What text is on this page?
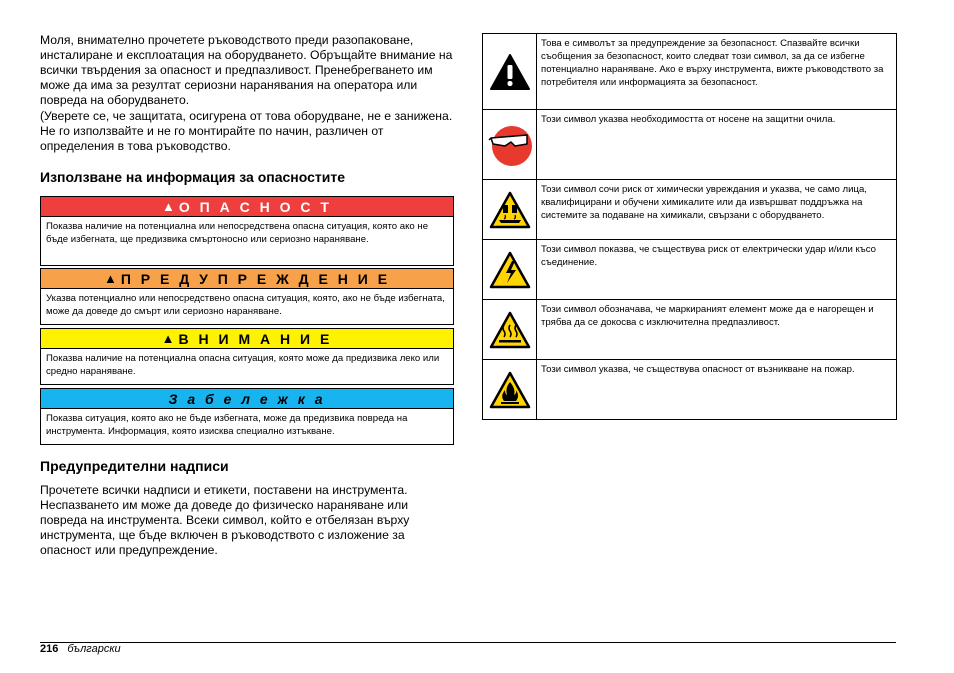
Моля, внимателно прочетете ръководството преди разопаковане, инсталиране и експлоатация на оборудването. Обръщайте внимание на всички твърдения за опасност и предпазливост. Пренебрегването им може да има за резултат сериозни наранявания на оператора или повреда на оборудването.

(Уверете се, че защитата, осигурена от това оборудване, не е занижена. Не го използвайте и не го монтирайте по начин, различен от определения в това ръководство.

Използване на информация за опасностите
▲ О П А С Н О С Т
Показва наличие на потенциална или непосредствена опасна ситуация, която ако не бъде избегната, ще предизвика смъртоносно или сериозно нараняване.
▲ П Р Е Д У П Р Е Ж Д Е Н И Е
Указва потенциално или непосредствено опасна ситуация, която, ако не бъде избегната, може да доведе до смърт или сериозно нараняване.
▲ В Н И М А Н И Е
Показва наличие на потенциална опасна ситуация, която може да предизвика леко или средно нараняване.
З а б е л е ж к а
Показва ситуация, която ако не бъде избегната, може да предизвика повреда на инструмента. Информация, която изисква специално изтъкване.
Предупредителни надписи

Прочетете всички надписи и етикети, поставени на инструмента. Неспазването им може да доведе до физическо нараняване или повреда на инструмента. Всеки символ, който е отбелязан върху инструмента, ще бъде включен в ръководството с изложение за опасност или предупреждение.

	Това е символът за предупреждение за безопасност. Спазвайте всички съобщения за безопасност, които следват този символ, за да се избегне потенциално нараняване. Ако е върху инструмента, вижте ръководството за потребителя или информацията за безопасност.

	Този символ указва необходимостта от носене на защитни очила.

	Този символ сочи риск от химически увреждания и указва, че само лица, квалифицирани и обучени химикалите или да извършват поддръжка на системите за подаване на химикали, свързани с оборудването.

	Този символ показва, че съществува риск от електрически удар и/или късо съединение.

	Този символ обозначава, че маркираният елемент може да е нагорещен и трябва да се докосва с изключителна предпазливост.

	Този символ указва, че съществува опасност от възникване на пожар.
216 български
